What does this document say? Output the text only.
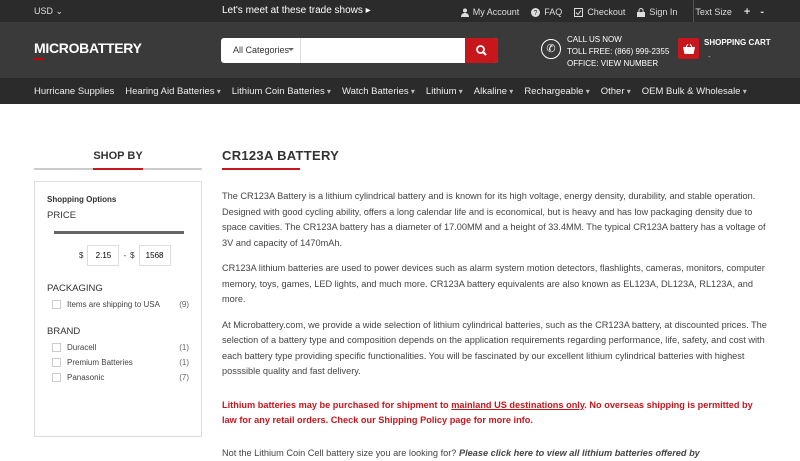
USD ⌄	Let's meet at these trade shows ▸	My Account ? FAQ	Checkout	Sign In Text Size + -
MICROBATTERY	All Categories	✆
CALL US NOW
TOLL FREE: (866) 999-2355
OFFICE: VIEW NUMBER
SHOPPING CART
-
Hurricane Supplies Hearing Aid Batteries ▾	Lithium Coin Batteries ▾	Watch Batteries ▾	Lithium ▾	Alkaline ▾	Rechargeable ▾	Other ▾	OEM Bulk & Wholesale ▾
SHOP BY
Shopping Options
PRICE
$
2.15	- $
1568
PACKAGING
Items are shipping to USA (9)
BRAND
Duracell	(1)
Premium Batteries	(1)
Panasonic	(7)
CR123A BATTERY

The CR123A Battery is a lithium cylindrical battery and is known for its high voltage, energy density, durability, and stable operation. Designed with good cycling ability, offers a long calendar life and is economical, but is heavy and has low packaging density due to space cavities. The CR123A battery has a diameter of 17.00MM and a height of 33.4MM. The typical CR123A battery has a voltage of 3V and capacity of 1470mAh.

CR123A lithium batteries are used to power devices such as alarm system motion detectors, flashlights, cameras, monitors, computer memory, toys, games, LED lights, and much more. CR123A battery equivalents are also known as EL123A, DL123A, RL123A, and more.

At Microbattery.com, we provide a wide selection of lithium cylindrical batteries, such as the CR123A battery, at discounted prices. The selection of a battery type and composition depends on the application requirements regarding performance, life, safety, and cost with each battery type providing specific functionalities. You will be fascinated by our excellent lithium cylindrical batteries with highest posssible quality and fast delivery.

Lithium batteries may be purchased for shipment to mainland US destinations only. No overseas shipping is permitted by law for any retail orders. Check our Shipping Policy page for more info.

Not the Lithium Coin Cell battery size you are looking for? Please click here to view all lithium batteries offered by
